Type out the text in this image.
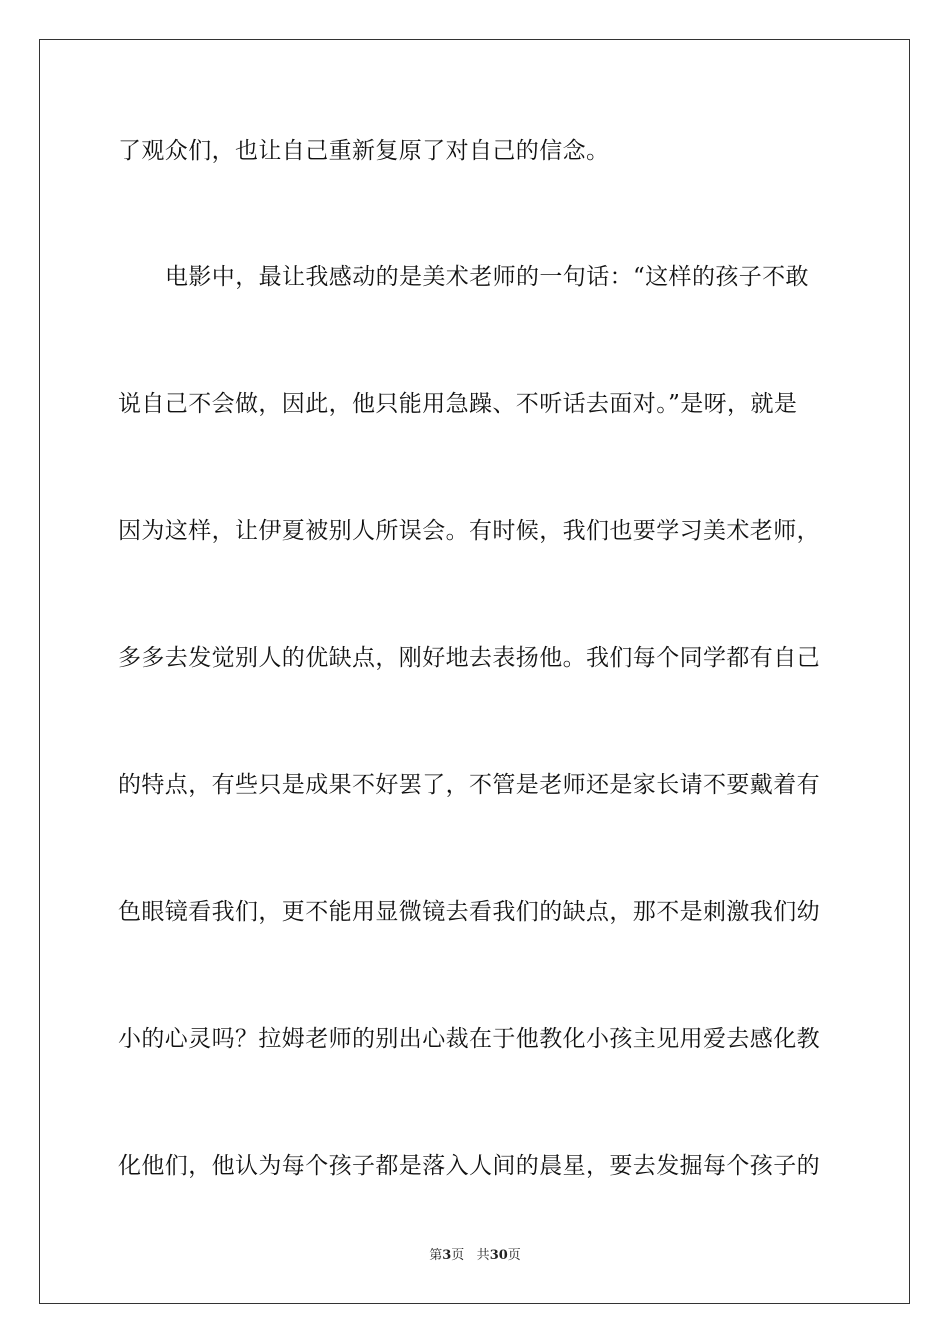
了观众们，也让自己重新复原了对自己的信念。
电影中，最让我感动的是美术老师的一句话：“这样的孩子不敢
说自己不会做，因此，他只能用急躁、不听话去面对。”是呀，就是
因为这样，让伊夏被别人所误会。有时候，我们也要学习美术老师，
多多去发觉别人的优缺点，刚好地去表扬他。我们每个同学都有自己
的特点，有些只是成果不好罢了，不管是老师还是家长请不要戴着有
色眼镜看我们，更不能用显微镜去看我们的缺点，那不是刺激我们幼
小的心灵吗？拉姆老师的别出心裁在于他教化小孩主见用爱去感化教
化他们，他认为每个孩子都是落入人间的晨星，要去发掘每个孩子的
第3页 共30页
